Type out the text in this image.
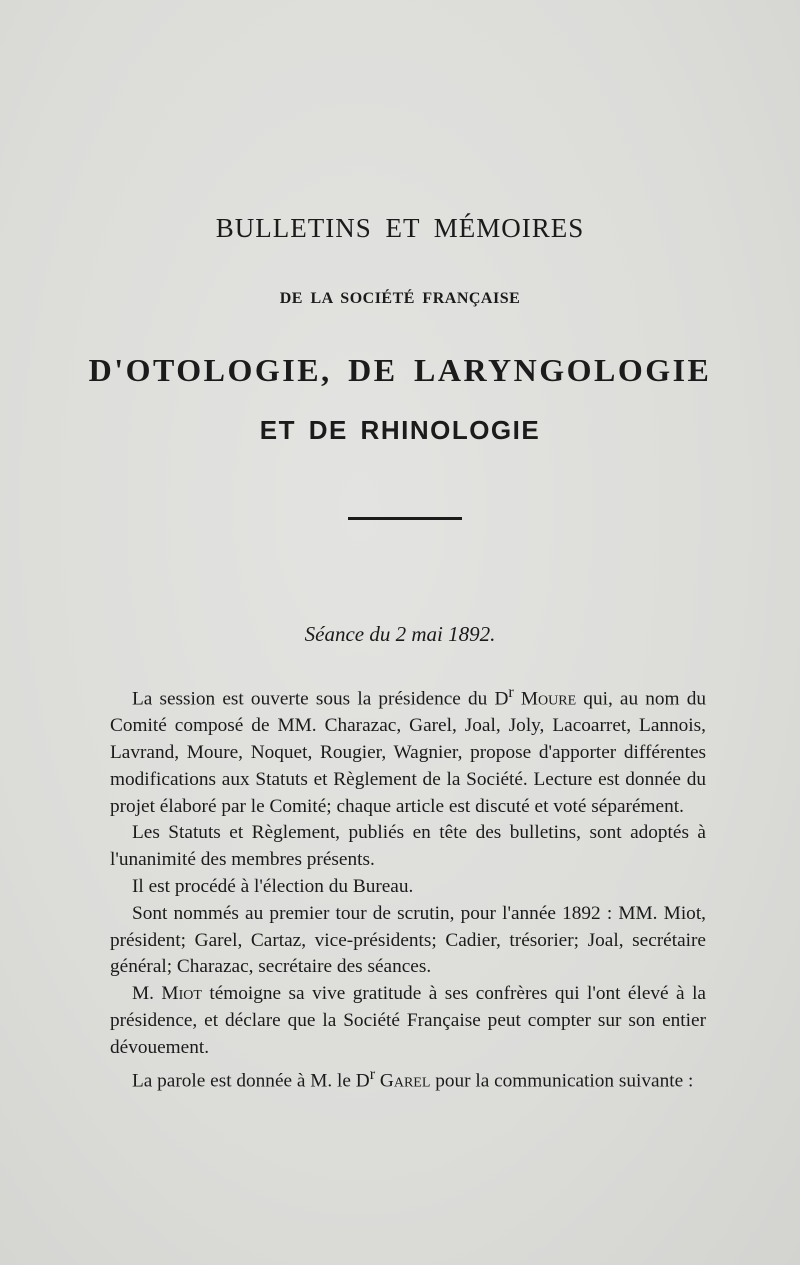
BULLETINS ET MÉMOIRES
DE LA SOCIÉTÉ FRANÇAISE
D'OTOLOGIE, DE LARYNGOLOGIE
ET DE RHINOLOGIE
Séance du 2 mai 1892.

La session est ouverte sous la présidence du $D^r$ Moure qui, au nom du Comité composé de MM. Charazac, Garel, Joal, Joly, Lacoarret, Lannois, Lavrand, Moure, Noquet, Rougier, Wagnier, propose d'apporter différentes modifications aux Statuts et Règlement de la Société. Lecture est donnée du projet élaboré par le Comité; chaque article est discuté et voté séparément.

Les Statuts et Règlement, publiés en tête des bulletins, sont adoptés à l'unanimité des membres présents.

Il est procédé à l'élection du Bureau.

Sont nommés au premier tour de scrutin, pour l'année 1892 : MM. Miot, président; Garel, Cartaz, vice-présidents; Cadier, trésorier; Joal, secrétaire général; Charazac, secrétaire des séances.

M. Miot témoigne sa vive gratitude à ses confrères qui l'ont élevé à la présidence, et déclare que la Société Française peut compter sur son entier dévouement.

La parole est donnée à M. le $D^r$ Garel pour la communication suivante :
